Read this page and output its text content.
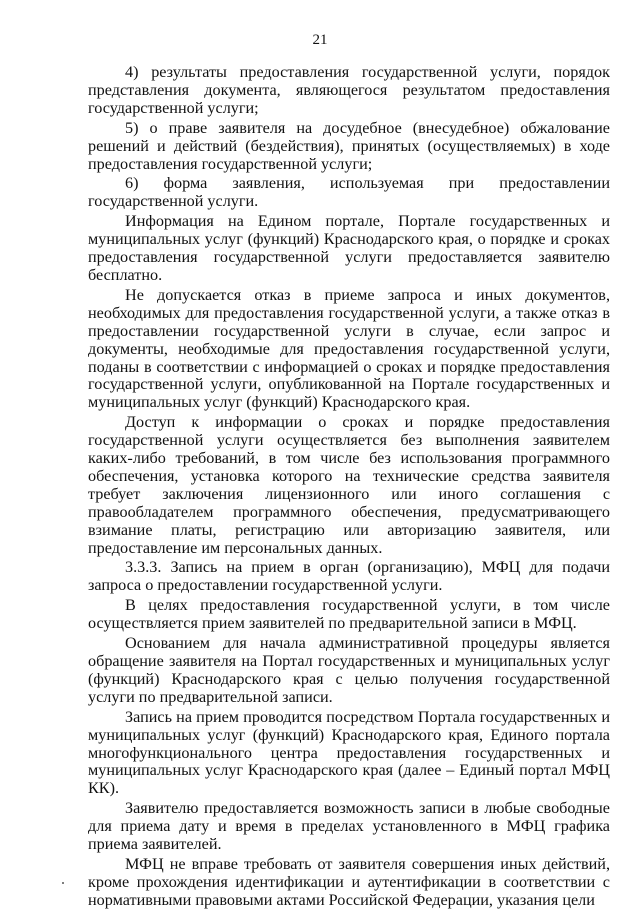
21

4) результаты предоставления государственной услуги, порядок представления документа, являющегося результатом предоставления государственной услуги;

5) о праве заявителя на досудебное (внесудебное) обжалование решений и действий (бездействия), принятых (осуществляемых) в ходе предоставления государственной услуги;

6) форма заявления, используемая при предоставлении государственной услуги.

Информация на Едином портале, Портале государственных и муниципальных услуг (функций) Краснодарского края, о порядке и сроках предоставления государственной услуги предоставляется заявителю бесплатно.

Не допускается отказ в приеме запроса и иных документов, необходимых для предоставления государственной услуги, а также отказ в предоставлении государственной услуги в случае, если запрос и документы, необходимые для предоставления государственной услуги, поданы в соответствии с информацией о сроках и порядке предоставления государственной услуги, опубликованной на Портале государственных и муниципальных услуг (функций) Краснодарского края.

Доступ к информации о сроках и порядке предоставления государственной услуги осуществляется без выполнения заявителем каких-либо требований, в том числе без использования программного обеспечения, установка которого на технические средства заявителя требует заключения лицензионного или иного соглашения с правообладателем программного обеспечения, предусматривающего взимание платы, регистрацию или авторизацию заявителя, или предоставление им персональных данных.

3.3.3. Запись на прием в орган (организацию), МФЦ для подачи запроса о предоставлении государственной услуги.

В целях предоставления государственной услуги, в том числе осуществляется прием заявителей по предварительной записи в МФЦ.

Основанием для начала административной процедуры является обращение заявителя на Портал государственных и муниципальных услуг (функций) Краснодарского края с целью получения государственной услуги по предварительной записи.

Запись на прием проводится посредством Портала государственных и муниципальных услуг (функций) Краснодарского края, Единого портала многофункционального центра предоставления государственных и муниципальных услуг Краснодарского края (далее – Единый портал МФЦ КК).

Заявителю предоставляется возможность записи в любые свободные для приема дату и время в пределах установленного в МФЦ графика приема заявителей.

МФЦ не вправе требовать от заявителя совершения иных действий, кроме прохождения идентификации и аутентификации в соответствии с нормативными правовыми актами Российской Федерации, указания цели
